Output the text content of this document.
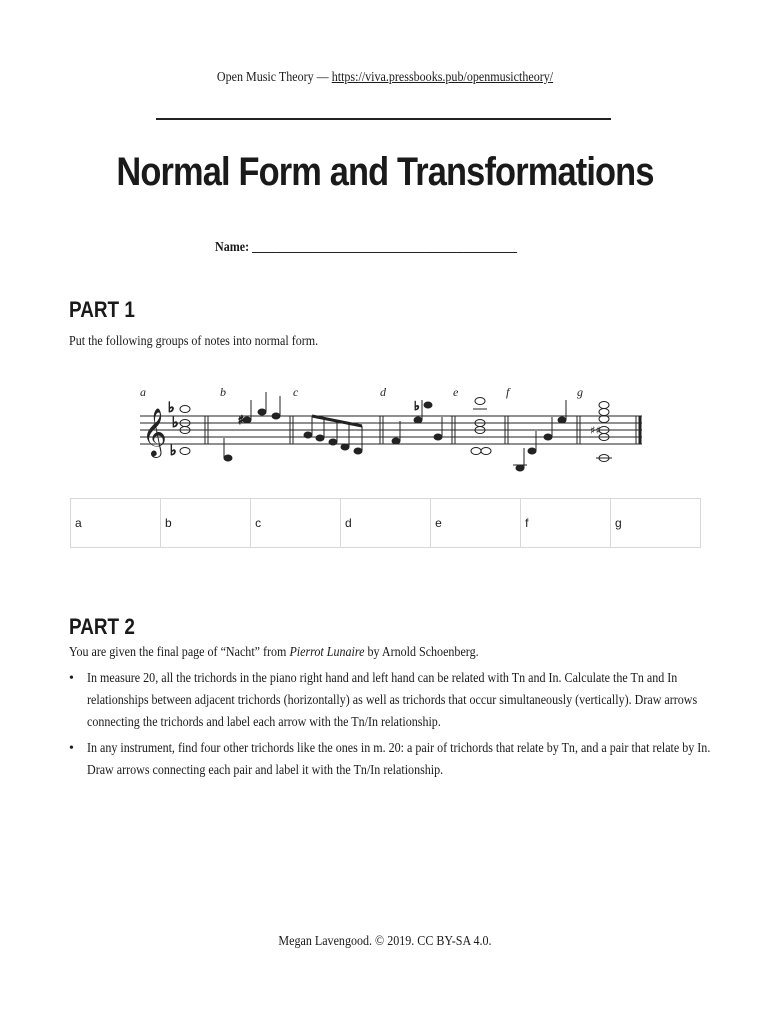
Open Music Theory — https://viva.pressbooks.pub/openmusictheory/
Normal Form and Transformations
Name: ____________________________________________
PART 1
Put the following groups of notes into normal form.
𝄞 ♭
♭
♭
♯
♭
♯♯
a	b	c	d	e	f	g
a	b	c	d	e	f	g
PART 2
You are given the final page of “Nacht” from Pierrot Lunaire by Arnold Schoenberg.
• In measure 20, all the trichords in the piano right hand and left hand can be related with Tn and In. Calculate the Tn and In relationships between adjacent trichords (horizontally) as well as trichords that occur simultaneously (vertically). Draw arrows connecting the trichords and label each arrow with the Tn/In relationship.
• In any instrument, find four other trichords like the ones in m. 20: a pair of trichords that relate by Tn, and a pair that relate by In. Draw arrows connecting each pair and label it with the Tn/In relationship.
Megan Lavengood. © 2019. CC BY-SA 4.0.
